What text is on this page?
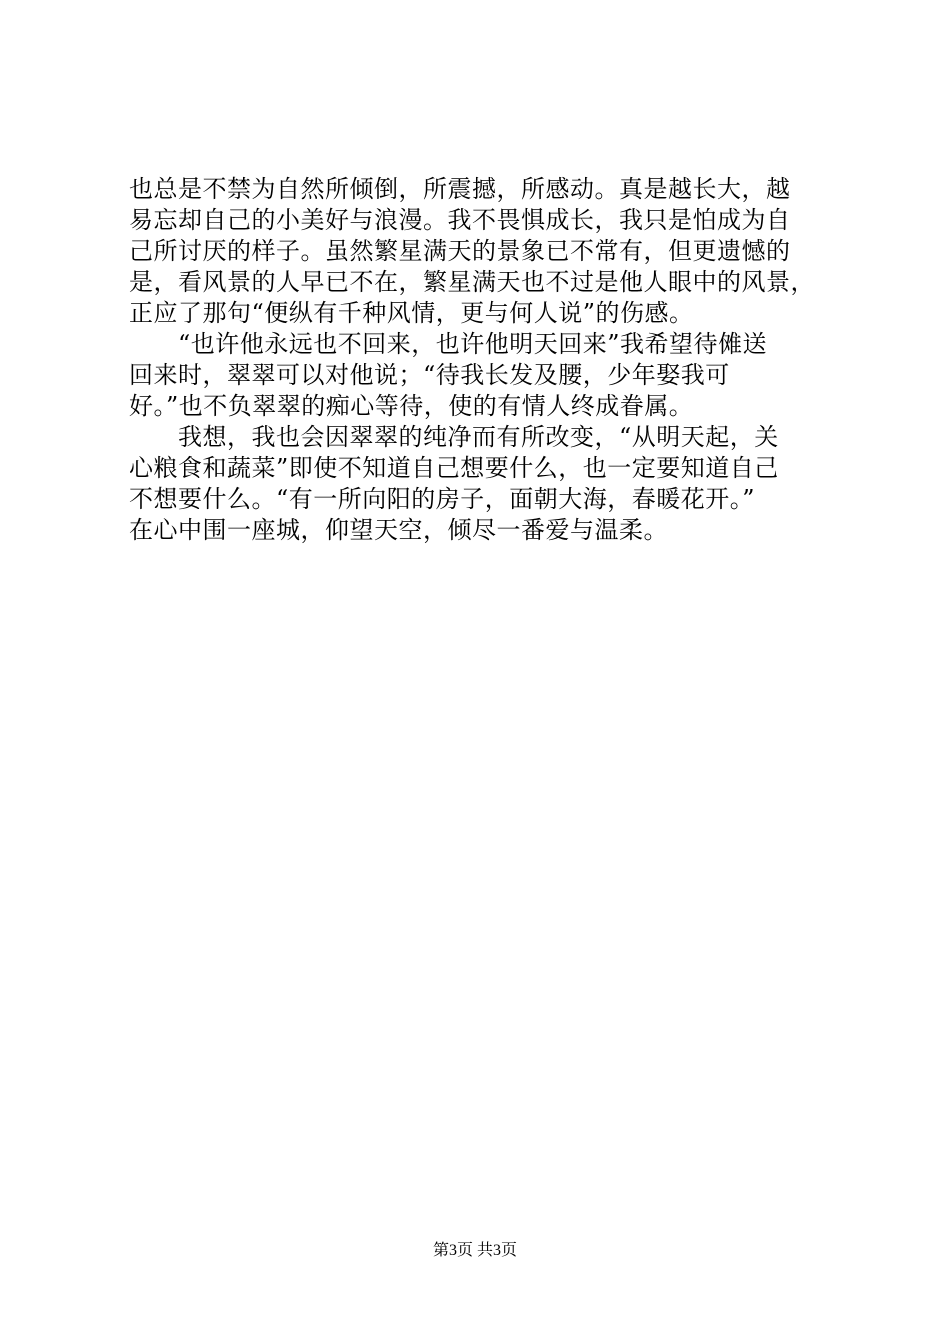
也总是不禁为自然所倾倒，所震撼，所感动。真是越长大，越
易忘却自己的小美好与浪漫。我不畏惧成长，我只是怕成为自
己所讨厌的样子。虽然繁星满天的景象已不常有，但更遗憾的
是，看风景的人早已不在，繁星满天也不过是他人眼中的风景，
正应了那句“便纵有千种风情，更与何人说”的伤感。
　　“也许他永远也不回来，也许他明天回来”我希望待傩送
回来时，翠翠可以对他说；“待我长发及腰，少年娶我可
好。”也不负翠翠的痴心等待，使的有情人终成眷属。
　　我想，我也会因翠翠的纯净而有所改变，“从明天起，关
心粮食和蔬菜”即使不知道自己想要什么，也一定要知道自己
不想要什么。“有一所向阳的房子，面朝大海，春暖花开。”
在心中围一座城，仰望天空，倾尽一番爱与温柔。
第3页 共3页
